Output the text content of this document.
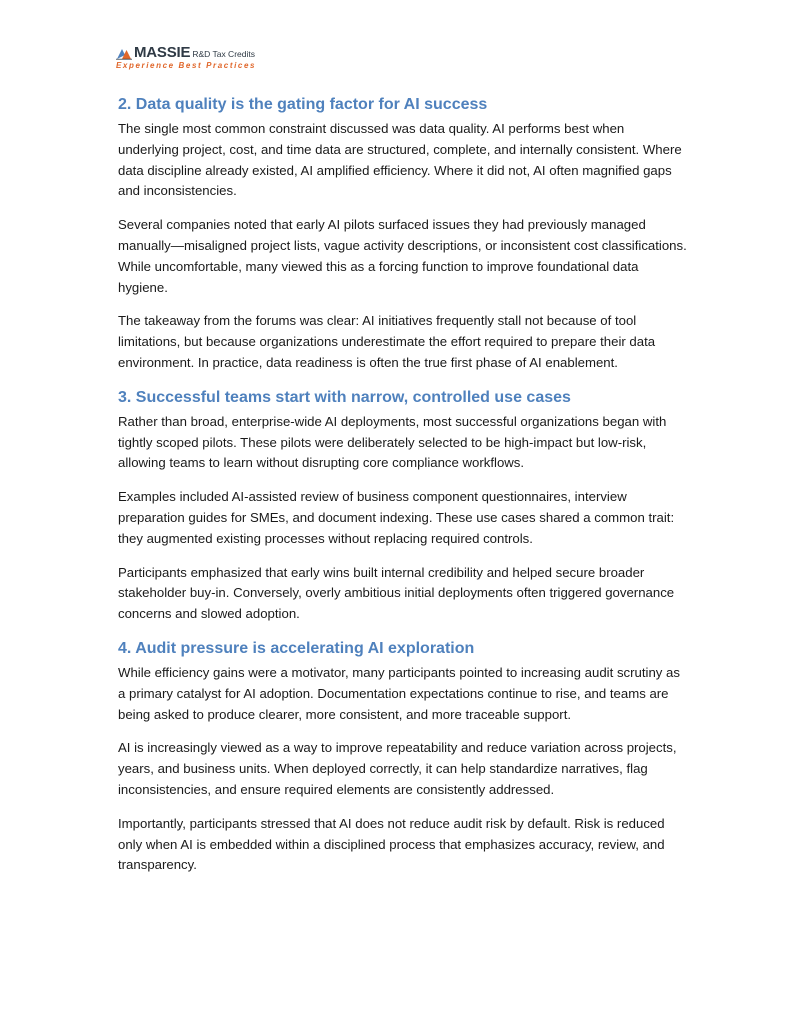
MASSIE R&D Tax Credits
Experience Best Practices
2. Data quality is the gating factor for AI success

The single most common constraint discussed was data quality. AI performs best when underlying project, cost, and time data are structured, complete, and internally consistent. Where data discipline already existed, AI amplified efficiency. Where it did not, AI often magnified gaps and inconsistencies.

Several companies noted that early AI pilots surfaced issues they had previously managed manually—misaligned project lists, vague activity descriptions, or inconsistent cost classifications. While uncomfortable, many viewed this as a forcing function to improve foundational data hygiene.

The takeaway from the forums was clear: AI initiatives frequently stall not because of tool limitations, but because organizations underestimate the effort required to prepare their data environment. In practice, data readiness is often the true first phase of AI enablement.

3. Successful teams start with narrow, controlled use cases

Rather than broad, enterprise-wide AI deployments, most successful organizations began with tightly scoped pilots. These pilots were deliberately selected to be high-impact but low-risk, allowing teams to learn without disrupting core compliance workflows.

Examples included AI-assisted review of business component questionnaires, interview preparation guides for SMEs, and document indexing. These use cases shared a common trait: they augmented existing processes without replacing required controls.

Participants emphasized that early wins built internal credibility and helped secure broader stakeholder buy-in. Conversely, overly ambitious initial deployments often triggered governance concerns and slowed adoption.

4. Audit pressure is accelerating AI exploration

While efficiency gains were a motivator, many participants pointed to increasing audit scrutiny as a primary catalyst for AI adoption. Documentation expectations continue to rise, and teams are being asked to produce clearer, more consistent, and more traceable support.

AI is increasingly viewed as a way to improve repeatability and reduce variation across projects, years, and business units. When deployed correctly, it can help standardize narratives, flag inconsistencies, and ensure required elements are consistently addressed.

Importantly, participants stressed that AI does not reduce audit risk by default. Risk is reduced only when AI is embedded within a disciplined process that emphasizes accuracy, review, and transparency.
